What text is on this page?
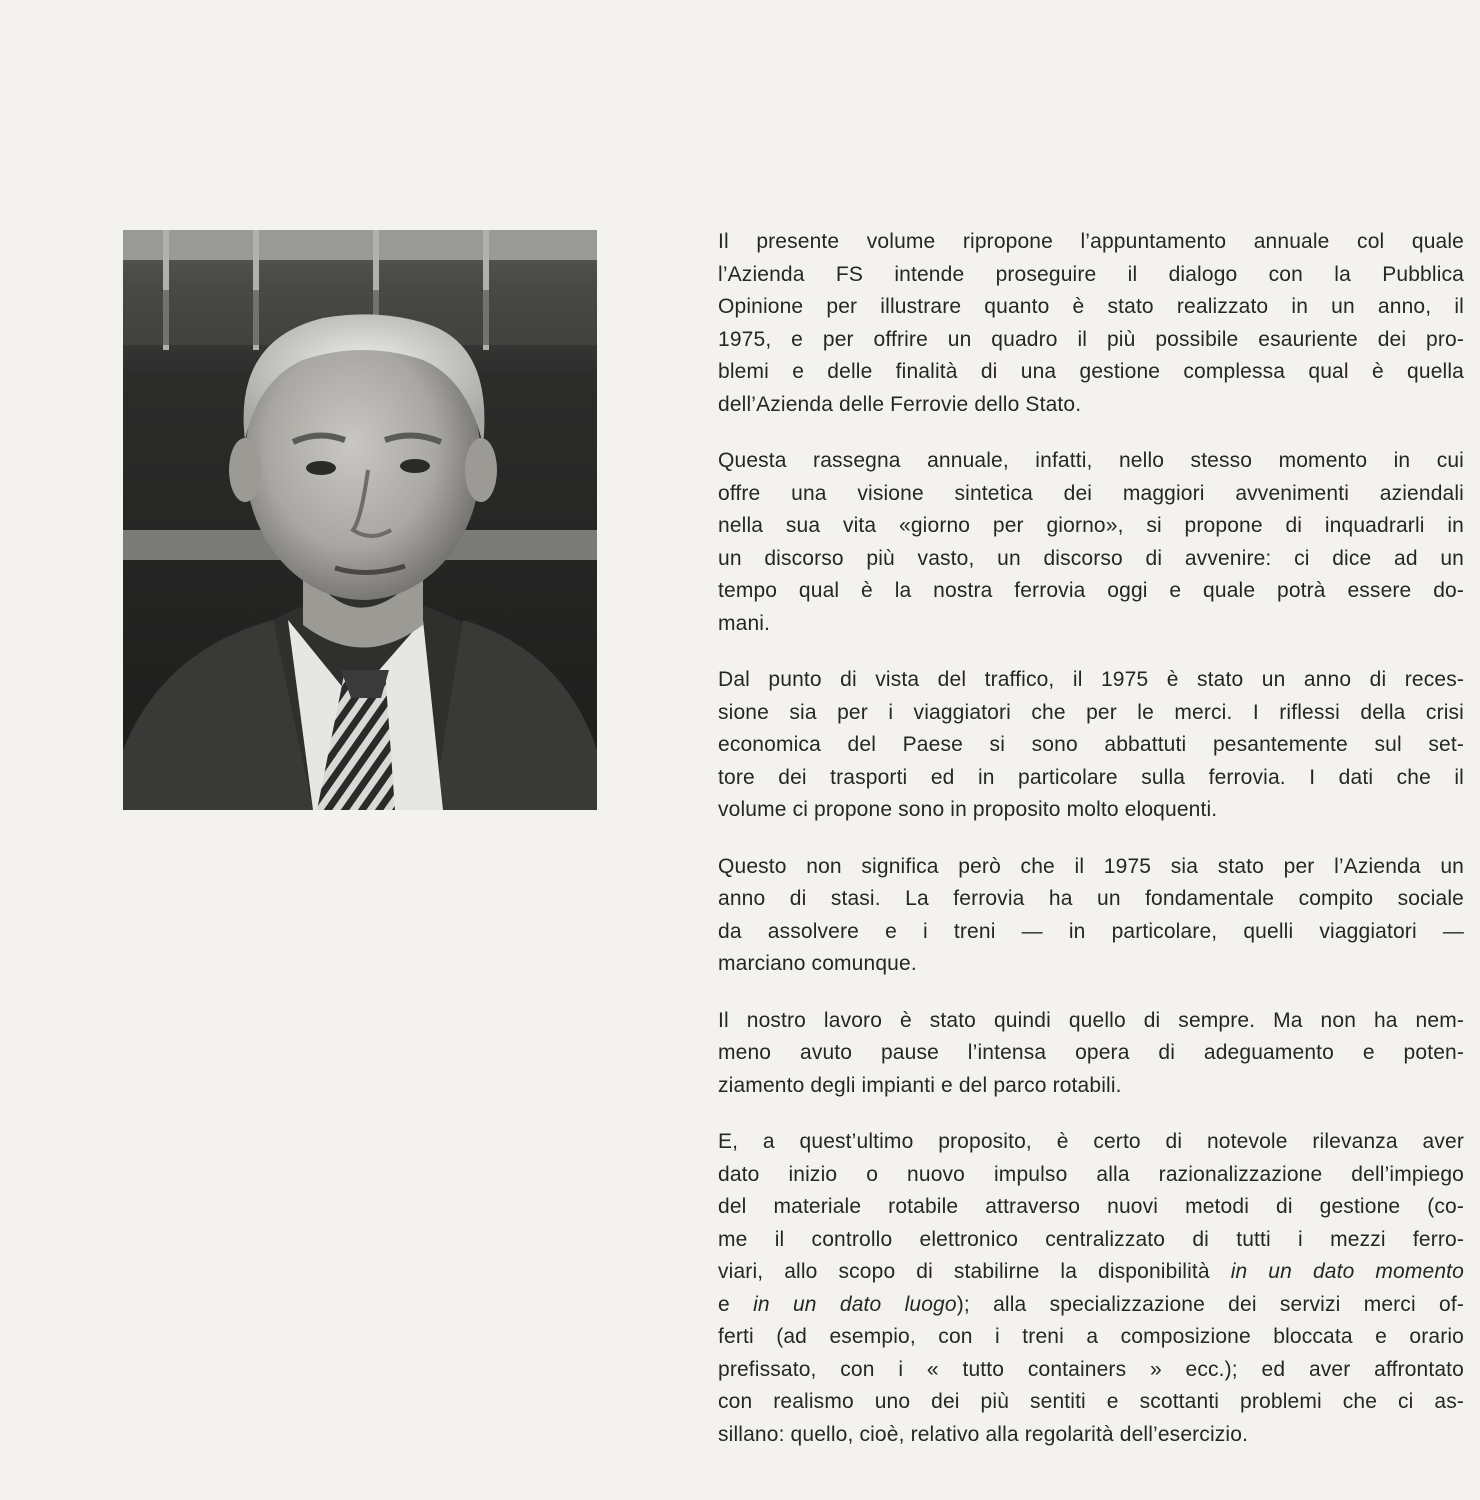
Il presente volume ripropone l’appuntamento annuale col quale
l’Azienda FS intende proseguire il dialogo con la Pubblica
Opinione per illustrare quanto è stato realizzato in un anno, il
1975, e per offrire un quadro il più possibile esauriente dei pro-
blemi e delle finalità di una gestione complessa qual è quella
dell’Azienda delle Ferrovie dello Stato.

Questa rassegna annuale, infatti, nello stesso momento in cui
offre una visione sintetica dei maggiori avvenimenti aziendali
nella sua vita «giorno per giorno», si propone di inquadrarli in
un discorso più vasto, un discorso di avvenire: ci dice ad un
tempo qual è la nostra ferrovia oggi e quale potrà essere do-
mani.

Dal punto di vista del traffico, il 1975 è stato un anno di reces-
sione sia per i viaggiatori che per le merci. I riflessi della crisi
economica del Paese si sono abbattuti pesantemente sul set-
tore dei trasporti ed in particolare sulla ferrovia. I dati che il
volume ci propone sono in proposito molto eloquenti.

Questo non significa però che il 1975 sia stato per l’Azienda un
anno di stasi. La ferrovia ha un fondamentale compito sociale
da assolvere e i treni — in particolare, quelli viaggiatori —
marciano comunque.

Il nostro lavoro è stato quindi quello di sempre. Ma non ha nem-
meno avuto pause l’intensa opera di adeguamento e poten-
ziamento degli impianti e del parco rotabili.

E, a quest’ultimo proposito, è certo di notevole rilevanza aver
dato inizio o nuovo impulso alla razionalizzazione dell’impiego
del materiale rotabile attraverso nuovi metodi di gestione (co-
me il controllo elettronico centralizzato di tutti i mezzi ferro-
viari, allo scopo di stabilirne la disponibilità in un dato momento
e in un dato luogo); alla specializzazione dei servizi merci of-
ferti (ad esempio, con i treni a composizione bloccata e orario
prefissato, con i « tutto containers » ecc.); ed aver affrontato
con realismo uno dei più sentiti e scottanti problemi che ci as-
sillano: quello, cioè, relativo alla regolarità dell’esercizio.
